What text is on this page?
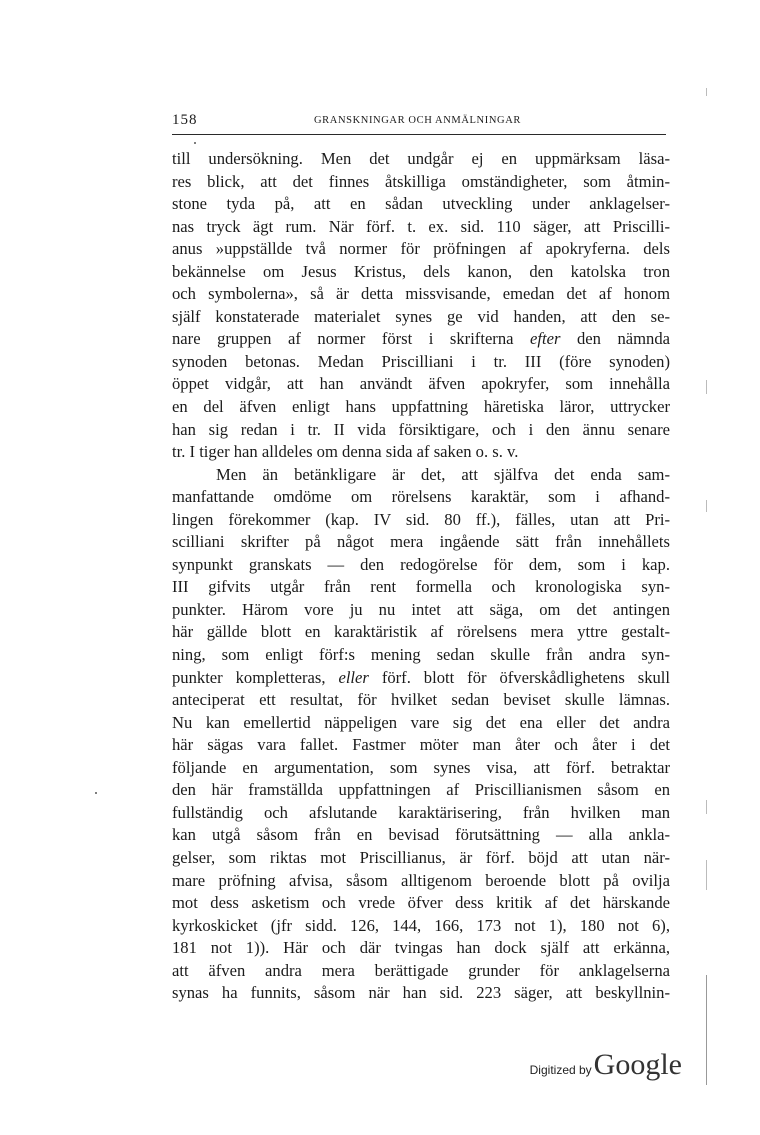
158	GRANSKNINGAR OCH ANMÄLNINGAR
till undersökning. Men det undgår ej en uppmärksam läsa-
res blick, att det finnes åtskilliga omständigheter, som åtmin-
stone tyda på, att en sådan utveckling under anklagelser-
nas tryck ägt rum. När förf. t. ex. sid. 110 säger, att Priscilli-
anus »uppställde två normer för pröfningen af apokryferna. dels
bekännelse om Jesus Kristus, dels kanon, den katolska tron
och symbolerna», så är detta missvisande, emedan det af honom
själf konstaterade materialet synes ge vid handen, att den se-
nare gruppen af normer först i skrifterna efter den nämnda
synoden betonas. Medan Priscilliani i tr. III (före synoden)
öppet vidgår, att han användt äfven apokryfer, som innehålla
en del äfven enligt hans uppfattning häretiska läror, uttrycker
han sig redan i tr. II vida försiktigare, och i den ännu senare
tr. I tiger han alldeles om denna sida af saken o. s. v.
Men än betänkligare är det, att själfva det enda sam-
manfattande omdöme om rörelsens karaktär, som i afhand-
lingen förekommer (kap. IV sid. 80 ff.), fälles, utan att Pri-
scilliani skrifter på något mera ingående sätt från innehållets
synpunkt granskats — den redogörelse för dem, som i kap.
III gifvits utgår från rent formella och kronologiska syn-
punkter. Härom vore ju nu intet att säga, om det antingen
här gällde blott en karaktäristik af rörelsens mera yttre gestalt-
ning, som enligt förf:s mening sedan skulle från andra syn-
punkter kompletteras, eller förf. blott för öfverskådlighetens skull
anteciperat ett resultat, för hvilket sedan beviset skulle lämnas.
Nu kan emellertid näppeligen vare sig det ena eller det andra
här sägas vara fallet. Fastmer möter man åter och åter i det
följande en argumentation, som synes visa, att förf. betraktar
den här framställda uppfattningen af Priscillianismen såsom en
fullständig och afslutande karaktärisering, från hvilken man
kan utgå såsom från en bevisad förutsättning — alla ankla-
gelser, som riktas mot Priscillianus, är förf. böjd att utan när-
mare pröfning afvisa, såsom alltigenom beroende blott på ovilja
mot dess asketism och vrede öfver dess kritik af det härskande
kyrkoskicket (jfr sidd. 126, 144, 166, 173 not 1), 180 not 6),
181 not 1)). Här och där tvingas han dock själf att erkänna,
att äfven andra mera berättigade grunder för anklagelserna
synas ha funnits, såsom när han sid. 223 säger, att beskyllnin-
Digitized by Google
